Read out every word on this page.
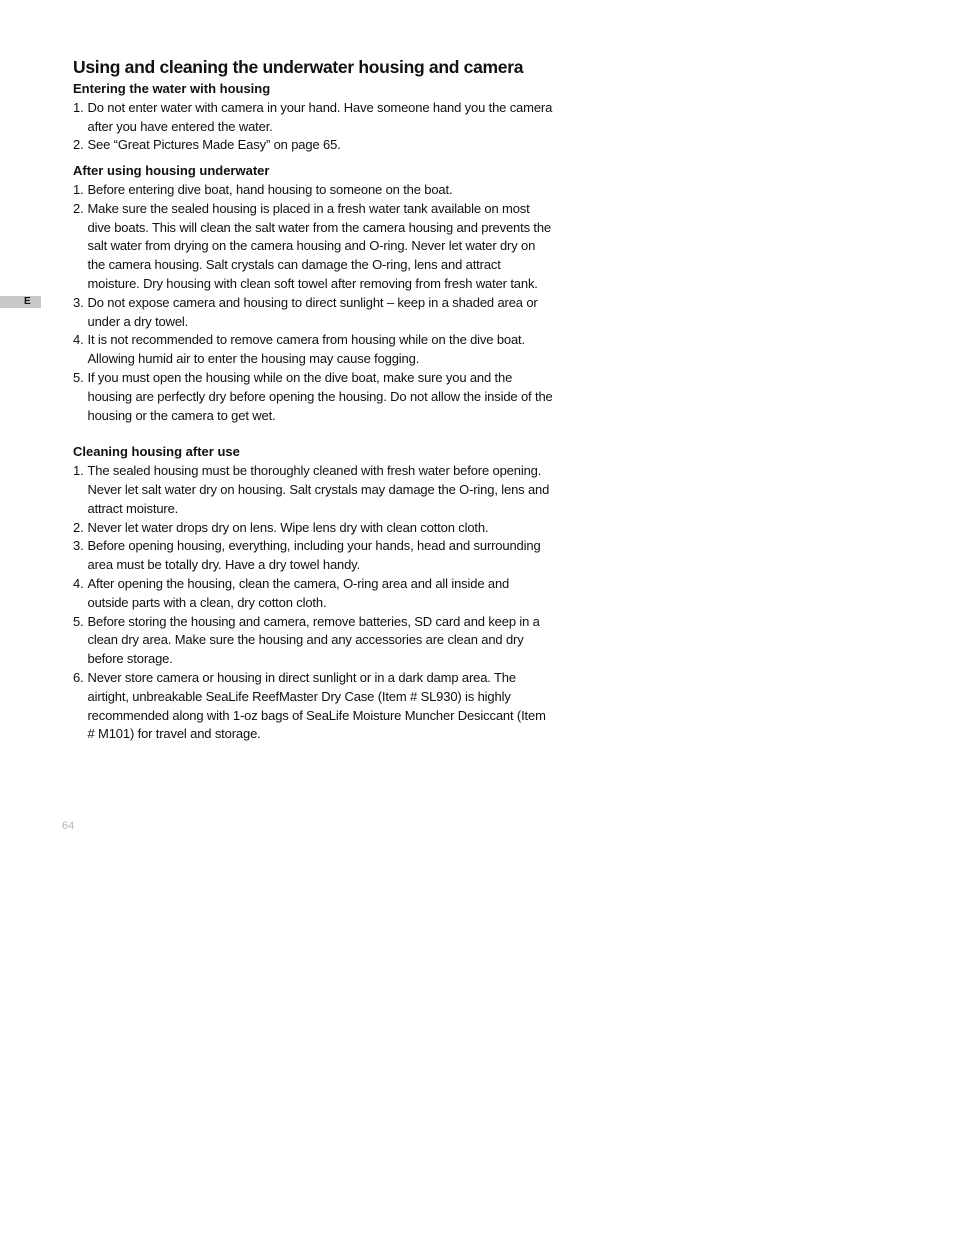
E
Using and cleaning the underwater housing and camera
Entering the water with housing
1. Do not enter water with camera in your hand. Have someone hand you the camera after you have entered the water.
2. See “Great Pictures Made Easy” on page 65.
After using housing underwater
1. Before entering dive boat, hand housing to someone on the boat.
2. Make sure the sealed housing is placed in a fresh water tank available on most dive boats. This will clean the salt water from the camera housing and prevents the salt water from drying on the camera housing and O-ring. Never let water dry on the camera housing. Salt crystals can damage the O-ring, lens and attract moisture. Dry housing with clean soft towel after removing from fresh water tank.
3. Do not expose camera and housing to direct sunlight – keep in a shaded area or under a dry towel.
4. It is not recommended to remove camera from housing while on the dive boat. Allowing humid air to enter the housing may cause fogging.
5. If you must open the housing while on the dive boat, make sure you and the housing are perfectly dry before opening the housing. Do not allow the inside of the housing or the camera to get wet.
Cleaning housing after use
1. The sealed housing must be thoroughly cleaned with fresh water before opening. Never let salt water dry on housing. Salt crystals may damage the O-ring, lens and attract moisture.
2. Never let water drops dry on lens. Wipe lens dry with clean cotton cloth.
3. Before opening housing, everything, including your hands, head and surrounding area must be totally dry. Have a dry towel handy.
4. After opening the housing, clean the camera, O-ring area and all inside and outside parts with a clean, dry cotton cloth.
5. Before storing the housing and camera, remove batteries, SD card and keep in a clean dry area. Make sure the housing and any accessories are clean and dry before storage.
6. Never store camera or housing in direct sunlight or in a dark damp area. The airtight, unbreakable SeaLife ReefMaster Dry Case (Item # SL930) is highly recommended along with 1-oz bags of SeaLife Moisture Muncher Desiccant (Item # M101) for travel and storage.
64
